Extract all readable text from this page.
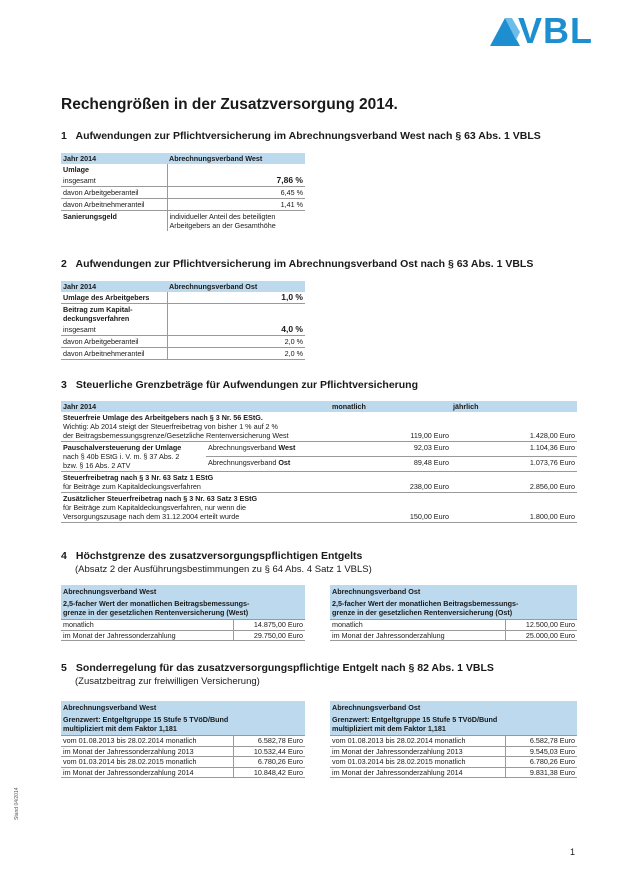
VBL
Rechengrößen in der Zusatzversorgung 2014.
1 Aufwendungen zur Pflichtversicherung im Abrechnungsverband West nach § 63 Abs. 1 VBLS
Jahr 2014	Abrechnungsverband West
Umlage	
insgesamt	7,86 %
davon Arbeitgeberanteil	6,45 %
davon Arbeitnehmeranteil	1,41 %
Sanierungsgeld	individueller Anteil des beteiligten Arbeitgebers an der Gesamthöhe
2 Aufwendungen zur Pflichtversicherung im Abrechnungsverband Ost nach § 63 Abs. 1 VBLS
Jahr 2014	Abrechnungsverband Ost
Umlage des Arbeitgebers	1,0 %
Beitrag zum Kapital-
deckungsverfahren	
insgesamt	4,0 %
davon Arbeitgeberanteil	2,0 %
davon Arbeitnehmeranteil	2,0 %
3 Steuerliche Grenzbeträge für Aufwendungen zur Pflichtversicherung
Jahr 2014		monatlich	jährlich
Steuerfreie Umlage des Arbeitgebers nach § 3 Nr. 56 EStG.
Wichtig: Ab 2014 steigt der Steuerfreibetrag von bisher 1 % auf 2 %
der Beitragsbemessungsgrenze/Gesetzliche Rentenversicherung West		119,00 Euro	1.428,00 Euro
Pauschalversteuerung der Umlage
nach § 40b EStG i. V. m. § 37 Abs. 2
bzw. § 16 Abs. 2 ATV	Abrechnungsverband West	92,03 Euro	1.104,36 Euro
	Abrechnungsverband Ost	89,48 Euro	1.073,76 Euro
Steuerfreibetrag nach § 3 Nr. 63 Satz 1 EStG
für Beiträge zum Kapitaldeckungsverfahren		238,00 Euro	2.856,00 Euro
Zusätzlicher Steuerfreibetrag nach § 3 Nr. 63 Satz 3 EStG
für Beiträge zum Kapitaldeckungsverfahren, nur wenn die
Versorgungszusage nach dem 31.12.2004 erteilt wurde		150,00 Euro	1.800,00 Euro
4 Höchstgrenze des zusatzversorgungspflichtigen Entgelts
(Absatz 2 der Ausführungsbestimmungen zu § 64 Abs. 4 Satz 1 VBLS)
Abrechnungsverband West
2,5-facher Wert der monatlichen Beitragsbemessungs-
grenze in der gesetzlichen Rentenversicherung (West)
monatlich	14.875,00 Euro
im Monat der Jahressonderzahlung	29.750,00 Euro
Abrechnungsverband Ost
2,5-facher Wert der monatlichen Beitragsbemessungs-
grenze in der gesetzlichen Rentenversicherung (Ost)
monatlich	12.500,00 Euro
im Monat der Jahressonderzahlung	25.000,00 Euro
5 Sonderregelung für das zusatzversorgungspflichtige Entgelt nach § 82 Abs. 1 VBLS
(Zusatzbeitrag zur freiwilligen Versicherung)
Abrechnungsverband West
Grenzwert: Entgeltgruppe 15 Stufe 5 TVöD/Bund
multipliziert mit dem Faktor 1,181
vom 01.08.2013 bis 28.02.2014 monatlich	6.582,78 Euro
im Monat der Jahressonderzahlung 2013	10.532,44 Euro
vom 01.03.2014 bis 28.02.2015 monatlich	6.780,26 Euro
im Monat der Jahressonderzahlung 2014	10.848,42 Euro
Abrechnungsverband Ost
Grenzwert: Entgeltgruppe 15 Stufe 5 TVöD/Bund
multipliziert mit dem Faktor 1,181
vom 01.08.2013 bis 28.02.2014 monatlich	6.582,78 Euro
im Monat der Jahressonderzahlung 2013	9.545,03 Euro
vom 01.03.2014 bis 28.02.2015 monatlich	6.780,26 Euro
im Monat der Jahressonderzahlung 2014	9.831,38 Euro
Stand 04/2014
1
